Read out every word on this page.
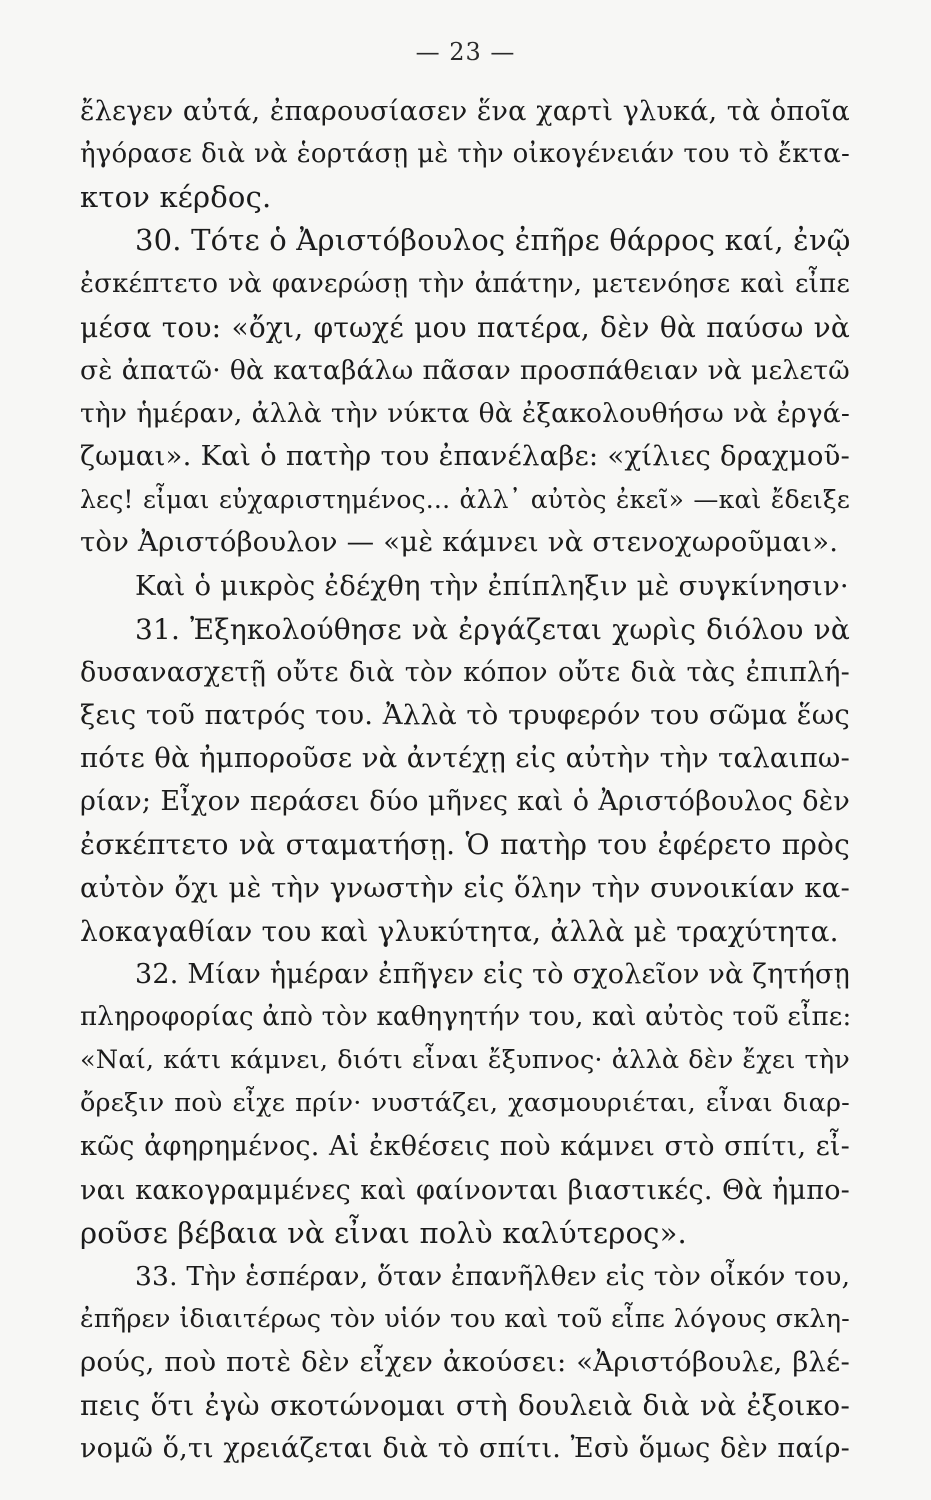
— 23 —
ἔλεγεν αὐτά, ἐπαρουσίασεν ἕνα χαρτὶ γλυκά, τὰ ὁποῖα
ἠγόρασε διὰ νὰ ἑορτάσῃ μὲ τὴν οἰκογένειάν του τὸ ἔκτα-
κτον κέρδος.
30. Τότε ὁ Ἀριστόβουλος ἐπῆρε θάρρος καί, ἐνῷ
ἐσκέπτετο νὰ φανερώσῃ τὴν ἀπάτην, μετενόησε καὶ εἶπε
μέσα του: «ὄχι, φτωχέ μου πατέρα, δὲν θὰ παύσω νὰ
σὲ ἀπατῶ· θὰ καταβάλω πᾶσαν προσπάθειαν νὰ μελετῶ
τὴν ἡμέραν, ἀλλὰ τὴν νύκτα θὰ ἐξακολουθήσω νὰ ἐργά-
ζωμαι». Καὶ ὁ πατὴρ του ἐπανέλαβε: «χίλιες δραχμοῦ-
λες! εἶμαι εὐχαριστημένος... ἀλλ᾽ αὐτὸς ἐκεῖ» —καὶ ἔδειξε
τὸν Ἀριστόβουλον — «μὲ κάμνει νὰ στενοχωροῦμαι».
Καὶ ὁ μικρὸς ἐδέχθη τὴν ἐπίπληξιν μὲ συγκίνησιν·
31. Ἐξηκολούθησε νὰ ἐργάζεται χωρὶς διόλου νὰ
δυσανασχετῇ οὔτε διὰ τὸν κόπον οὔτε διὰ τὰς ἐπιπλή-
ξεις τοῦ πατρός του. Ἀλλὰ τὸ τρυφερόν του σῶμα ἕως
πότε θὰ ἠμποροῦσε νὰ ἀντέχῃ εἰς αὐτὴν τὴν ταλαιπω-
ρίαν; Εἶχον περάσει δύο μῆνες καὶ ὁ Ἀριστόβουλος δὲν
ἐσκέπτετο νὰ σταματήσῃ. Ὁ πατὴρ του ἐφέρετο πρὸς
αὐτὸν ὄχι μὲ τὴν γνωστὴν εἰς ὅλην τὴν συνοικίαν κα-
λοκαγαθίαν του καὶ γλυκύτητα, ἀλλὰ μὲ τραχύτητα.
32. Μίαν ἡμέραν ἐπῆγεν εἰς τὸ σχολεῖον νὰ ζητήσῃ
πληροφορίας ἀπὸ τὸν καθηγητήν του, καὶ αὐτὸς τοῦ εἶπε:
«Ναί, κάτι κάμνει, διότι εἶναι ἔξυπνος· ἀλλὰ δὲν ἔχει τὴν
ὄρεξιν ποὺ εἶχε πρίν· νυστάζει, χασμουριέται, εἶναι διαρ-
κῶς ἀφηρημένος. Αἱ ἐκθέσεις ποὺ κάμνει στὸ σπίτι, εἶ-
ναι κακογραμμένες καὶ φαίνονται βιαστικές. Θὰ ἠμπο-
ροῦσε βέβαια νὰ εἶναι πολὺ καλύτερος».
33. Τὴν ἑσπέραν, ὅταν ἐπανῆλθεν εἰς τὸν οἶκόν του,
ἐπῆρεν ἰδιαιτέρως τὸν υἱόν του καὶ τοῦ εἶπε λόγους σκλη-
ρούς, ποὺ ποτὲ δὲν εἶχεν ἀκούσει: «Ἀριστόβουλε, βλέ-
πεις ὅτι ἐγὼ σκοτώνομαι στὴ δουλειὰ διὰ νὰ ἐξοικο-
νομῶ ὅ,τι χρειάζεται διὰ τὸ σπίτι. Ἐσὺ ὅμως δὲν παίρ-
